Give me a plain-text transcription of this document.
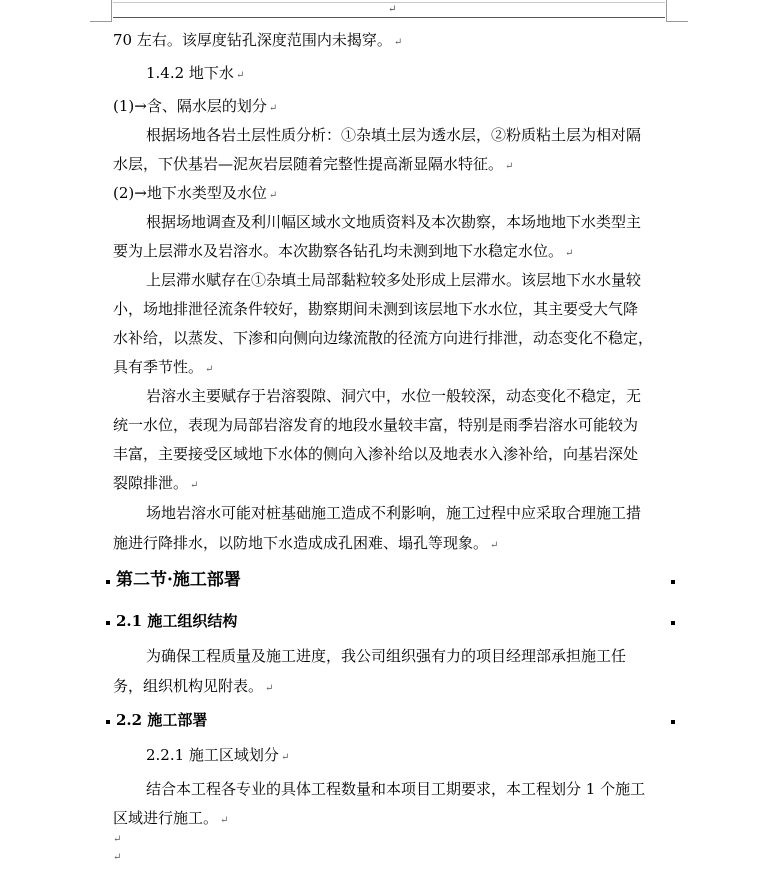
↵
70 左右。该厚度钻孔深度范围内未揭穿。 ↵
1.4.2 地下水 ↵
(1)→含、隔水层的划分 ↵
根据场地各岩土层性质分析：①杂填土层为透水层，②粉质粘土层为相对隔
水层，下伏基岩—泥灰岩层随着完整性提高渐显隔水特征。 ↵
(2)→地下水类型及水位 ↵
根据场地调查及利川幅区域水文地质资料及本次勘察，本场地地下水类型主
要为上层滞水及岩溶水。本次勘察各钻孔均未测到地下水稳定水位。 ↵
上层滞水赋存在①杂填土局部黏粒较多处形成上层滞水。该层地下水水量较
小，场地排泄径流条件较好，勘察期间未测到该层地下水水位，其主要受大气降
水补给，以蒸发、下渗和向侧向边缘流散的径流方向进行排泄，动态变化不稳定，
具有季节性。 ↵
岩溶水主要赋存于岩溶裂隙、洞穴中，水位一般较深，动态变化不稳定，无
统一水位，表现为局部岩溶发育的地段水量较丰富，特别是雨季岩溶水可能较为
丰富，主要接受区域地下水体的侧向入渗补给以及地表水入渗补给，向基岩深处
裂隙排泄。 ↵
场地岩溶水可能对桩基础施工造成不利影响，施工过程中应采取合理施工措
施进行降排水，以防地下水造成成孔困难、塌孔等现象。 ↵
第二节·施工部署
2.1 施工组织结构
为确保工程质量及施工进度，我公司组织强有力的项目经理部承担施工任
务，组织机构见附表。 ↵
2.2 施工部署
2.2.1 施工区域划分 ↵
结合本工程各专业的具体工程数量和本项目工期要求，本工程划分 1 个施工
区域进行施工。 ↵
↵
↵
